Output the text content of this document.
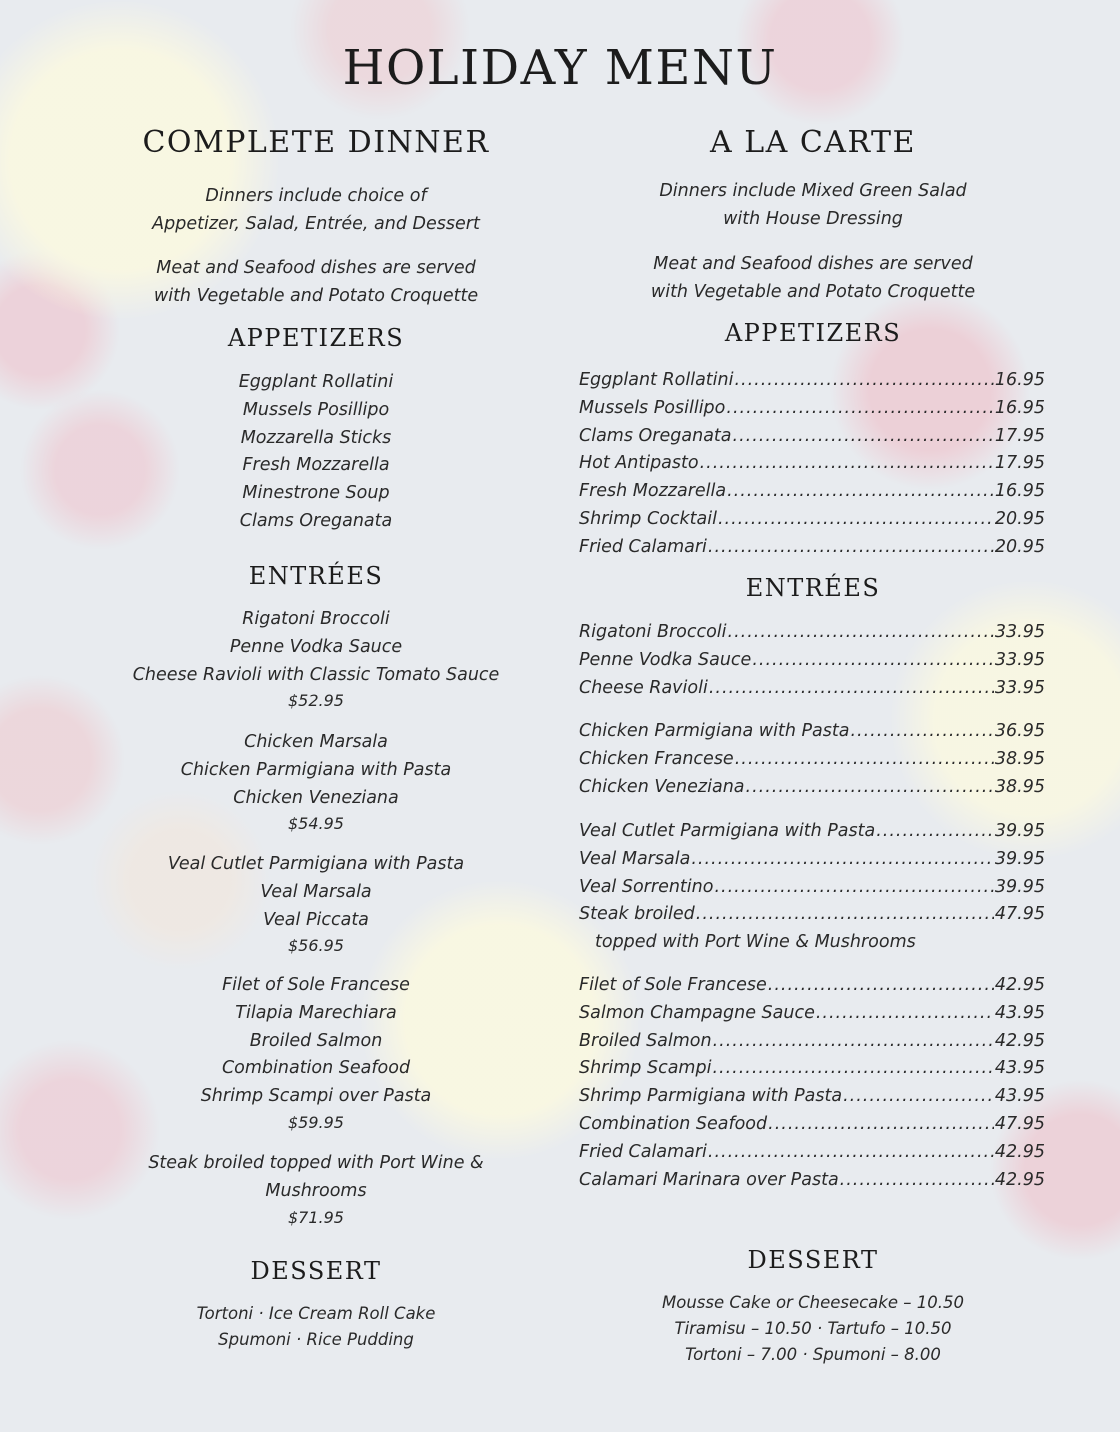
HOLIDAY MENU
COMPLETE DINNER
Dinners include choice of
Appetizer, Salad, Entrée, and Dessert
Meat and Seafood dishes are served
with Vegetable and Potato Croquette
APPETIZERS
Eggplant Rollatini
Mussels Posillipo
Mozzarella Sticks
Fresh Mozzarella
Minestrone Soup
Clams Oreganata
ENTRÉES
Rigatoni Broccoli
Penne Vodka Sauce
Cheese Ravioli with Classic Tomato Sauce
$52.95
Chicken Marsala
Chicken Parmigiana with Pasta
Chicken Veneziana
$54.95
Veal Cutlet Parmigiana with Pasta
Veal Marsala
Veal Piccata
$56.95
Filet of Sole Francese
Tilapia Marechiara
Broiled Salmon
Combination Seafood
Shrimp Scampi over Pasta
$59.95
Steak broiled topped with Port Wine &
Mushrooms
$71.95
DESSERT
Tortoni · Ice Cream Roll Cake
Spumoni · Rice Pudding
A LA CARTE
Dinners include Mixed Green Salad
with House Dressing
Meat and Seafood dishes are served
with Vegetable and Potato Croquette
APPETIZERS
Eggplant Rollatini .....	16.95
Mussels Posillipo .....	16.95
Clams Oreganata .....	17.95
Hot Antipasto .....	17.95
Fresh Mozzarella .....	16.95
Shrimp Cocktail .....	20.95
Fried Calamari .....	20.95
ENTRÉES
Rigatoni Broccoli .....	33.95
Penne Vodka Sauce .....	33.95
Cheese Ravioli .....	33.95
Chicken Parmigiana with Pasta .....	36.95
Chicken Francese .....	38.95
Chicken Veneziana .....	38.95
Veal Cutlet Parmigiana with Pasta .....	39.95
Veal Marsala .....	39.95
Veal Sorrentino .....	39.95
Steak broiled .....	47.95
topped with Port Wine & Mushrooms
Filet of Sole Francese .....	42.95
Salmon Champagne Sauce .....	43.95
Broiled Salmon .....	42.95
Shrimp Scampi .....	43.95
Shrimp Parmigiana with Pasta .....	43.95
Combination Seafood .....	47.95
Fried Calamari .....	42.95
Calamari Marinara over Pasta .....	42.95
DESSERT
Mousse Cake or Cheesecake – 10.50
Tiramisu – 10.50 · Tartufo – 10.50
Tortoni – 7.00 · Spumoni – 8.00
